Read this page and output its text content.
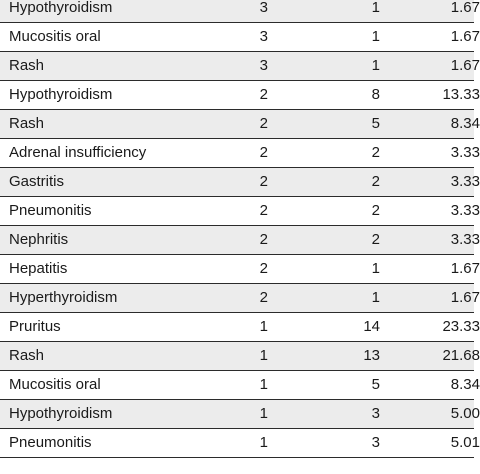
Hypothyroidism	3	1	1.67
Mucositis oral	3	1	1.67
Rash	3	1	1.67
Hypothyroidism	2	8	13.33
Rash	2	5	8.34
Adrenal insufficiency	2	2	3.33
Gastritis	2	2	3.33
Pneumonitis	2	2	3.33
Nephritis	2	2	3.33
Hepatitis	2	1	1.67
Hyperthyroidism	2	1	1.67
Pruritus	1	14	23.33
Rash	1	13	21.68
Mucositis oral	1	5	8.34
Hypothyroidism	1	3	5.00
Pneumonitis	1	3	5.01
